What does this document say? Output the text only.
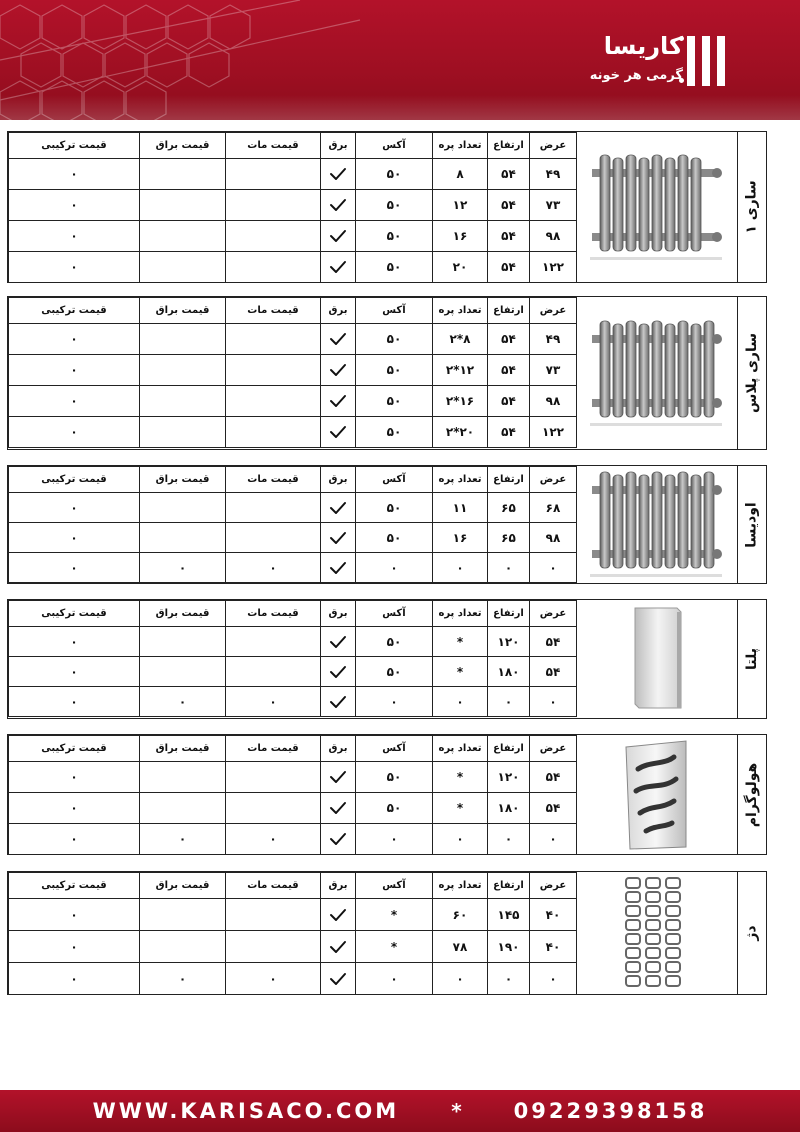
کاریسا
گرمی هر خونه
عرض	ارتفاع	تعداد پره	آکس	برق	قیمت مات	قیمت براق	قیمت ترکیبی
۴۹	۵۴	۸	۵۰				۰
۷۳	۵۴	۱۲	۵۰				۰
۹۸	۵۴	۱۶	۵۰				۰
۱۲۲	۵۴	۲۰	۵۰				۰
ساری ۱
عرض	ارتفاع	تعداد پره	آکس	برق	قیمت مات	قیمت براق	قیمت ترکیبی
۴۹	۵۴	۸*۲	۵۰				۰
۷۳	۵۴	۱۲*۲	۵۰				۰
۹۸	۵۴	۱۶*۲	۵۰				۰
۱۲۲	۵۴	۲۰*۲	۵۰				۰
ساری پلاس
عرض	ارتفاع	تعداد پره	آکس	برق	قیمت مات	قیمت براق	قیمت ترکیبی
۶۸	۶۵	۱۱	۵۰				۰
۹۸	۶۵	۱۶	۵۰				۰
۰	۰	۰	۰		۰	۰	۰
اودیسا
عرض	ارتفاع	تعداد پره	آکس	برق	قیمت مات	قیمت براق	قیمت ترکیبی
۵۴	۱۲۰	*	۵۰				۰
۵۴	۱۸۰	*	۵۰				۰
۰	۰	۰	۰		۰	۰	۰
پلتا
عرض	ارتفاع	تعداد پره	آکس	برق	قیمت مات	قیمت براق	قیمت ترکیبی
۵۴	۱۲۰	*	۵۰				۰
۵۴	۱۸۰	*	۵۰				۰
۰	۰	۰	۰		۰	۰	۰
هولوگرام
عرض	ارتفاع	تعداد پره	آکس	برق	قیمت مات	قیمت براق	قیمت ترکیبی
۴۰	۱۴۵	۶۰	*				۰
۴۰	۱۹۰	۷۸	*				۰
۰	۰	۰	۰		۰	۰	۰
دژ
WWW.KARISACO.COM	* 09229398158
